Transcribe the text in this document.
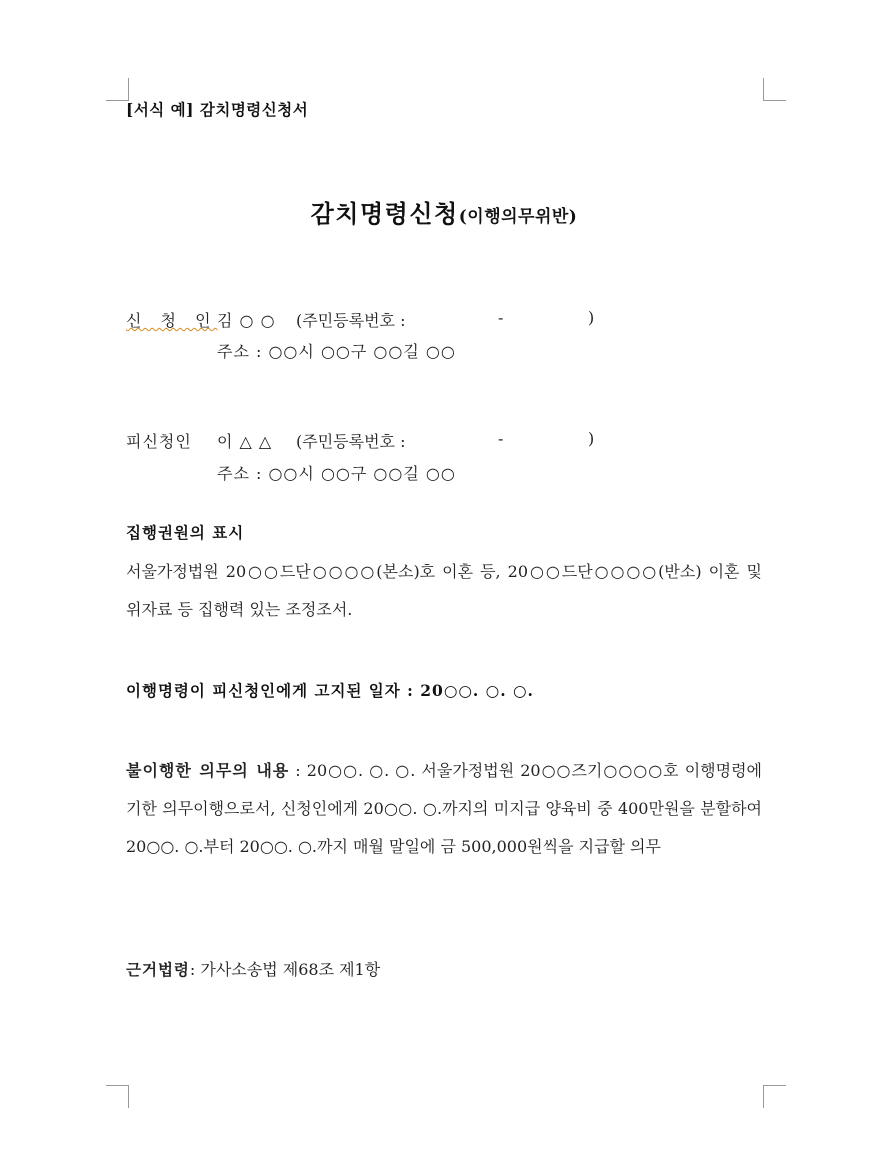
[서식 예] 감치명령신청서
감치명령신청(이행의무위반)
신 청 인 김 ○ ○ (주민등록번호 :	-	)
주소 : ○○시 ○○구 ○○길 ○○
피신청인 이 △ △ (주민등록번호 :	-	)
주소 : ○○시 ○○구 ○○길 ○○
집행권원의 표시
서울가정법원 20○○드단○○○○(본소)호 이혼 등, 20○○드단○○○○(반소) 이혼 및 위자료 등 집행력 있는 조정조서.
이행명령이 피신청인에게 고지된 일자 : 20○○. ○. ○.
불이행한 의무의 내용 : 20○○. ○. ○. 서울가정법원 20○○즈기○○○○호 이행명령에 기한 의무이행으로서, 신청인에게 20○○. ○.까지의 미지급 양육비 중 400만원을 분할하여 20○○. ○.부터 20○○. ○.까지 매월 말일에 금 500,000원씩을 지급할 의무
근거법령: 가사소송법 제68조 제1항
